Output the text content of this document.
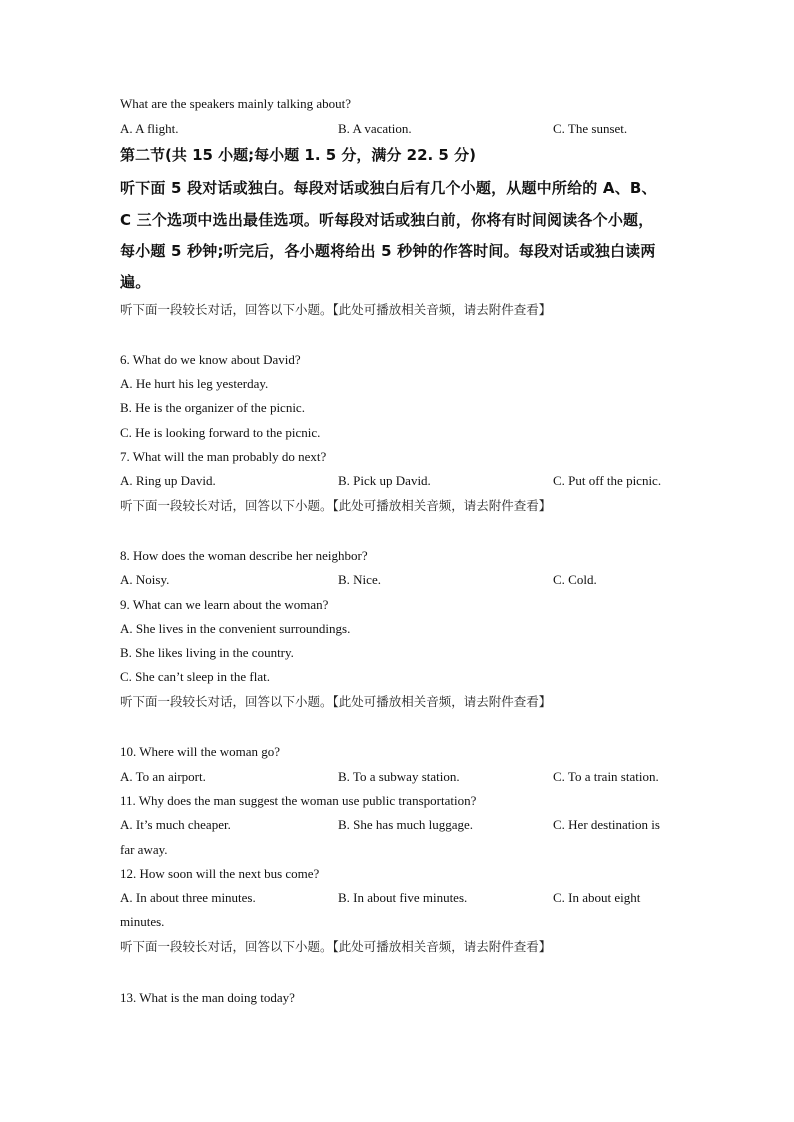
What are the speakers mainly talking about?
A. A flight.	B. A vacation.	C. The sunset.
第二节(共 15 小题;每小题 1. 5 分，满分 22. 5 分)
听下面 5 段对话或独白。每段对话或独白后有几个小题，从题中所给的 A、B、
C 三个选项中选出最佳选项。听每段对话或独白前，你将有时间阅读各个小题，
每小题 5 秒钟;听完后，各小题将给出 5 秒钟的作答时间。每段对话或独白读两
遍。
听下面一段较长对话，回答以下小题。【此处可播放相关音频，请去附件查看】
6. What do we know about David?
A. He hurt his leg yesterday.
B. He is the organizer of the picnic.
C. He is looking forward to the picnic.
7. What will the man probably do next?
A. Ring up David.	B. Pick up David.	C. Put off the picnic.
听下面一段较长对话，回答以下小题。【此处可播放相关音频，请去附件查看】
8. How does the woman describe her neighbor?
A. Noisy.	B. Nice.	C. Cold.
9. What can we learn about the woman?
A. She lives in the convenient surroundings.
B. She likes living in the country.
C. She can’t sleep in the flat.
听下面一段较长对话，回答以下小题。【此处可播放相关音频，请去附件查看】
10. Where will the woman go?
A. To an airport.	B. To a subway station.	C. To a train station.
11. Why does the man suggest the woman use public transportation?
A. It’s much cheaper.	B. She has much luggage.	C. Her destination is
far away.
12. How soon will the next bus come?
A. In about three minutes.	B. In about five minutes.	C. In about eight
minutes.
听下面一段较长对话，回答以下小题。【此处可播放相关音频，请去附件查看】
13. What is the man doing today?
